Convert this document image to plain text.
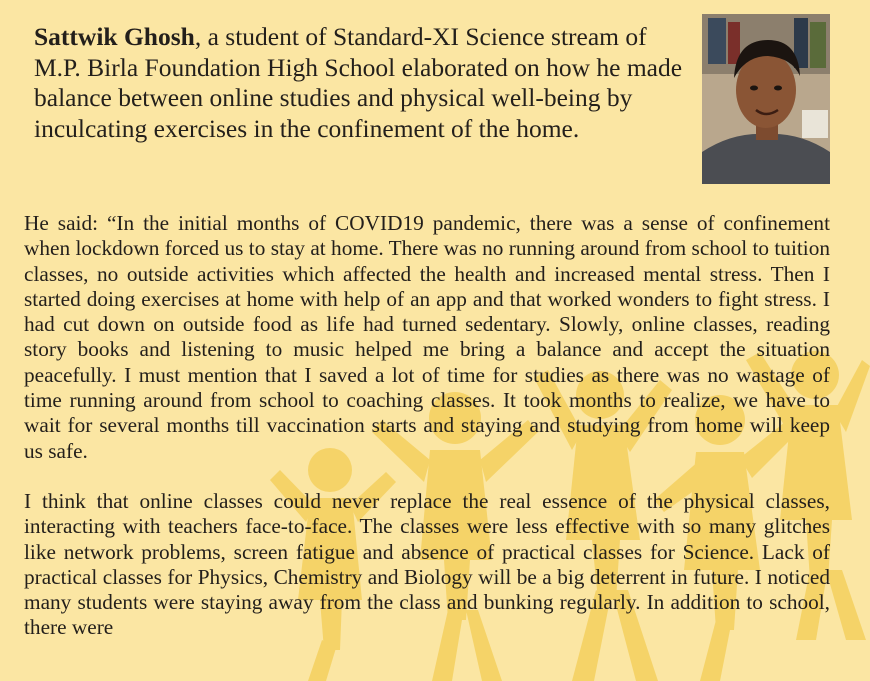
Sattwik Ghosh, a student of Standard-XI Science stream of M.P. Birla Foundation High School elaborated on how he made balance between online studies and physical well-being by inculcating exercises in the confinement of the home.

He said: “In the initial months of COVID19 pandemic, there was a sense of confinement when lockdown forced us to stay at home. There was no running around from school to tuition classes, no outside activities which affected the health and increased mental stress. Then I started doing exercises at home with help of an app and that worked wonders to fight stress. I had cut down on outside food as life had turned sedentary. Slowly, online classes, reading story books and listening to music helped me bring a balance and accept the situation peacefully. I must mention that I saved a lot of time for studies as there was no wastage of time running around from school to coaching classes. It took months to realize, we have to wait for several months till vaccination starts and staying and studying from home will keep us safe.

I think that online classes could never replace the real essence of the physical classes, interacting with teachers face-to-face. The classes were less effective with so many glitches like network problems, screen fatigue and absence of practical classes for Science. Lack of practical classes for Physics, Chemistry and Biology will be a big deterrent in future. I noticed many students were staying away from the class and bunking regularly. In addition to school, there were
